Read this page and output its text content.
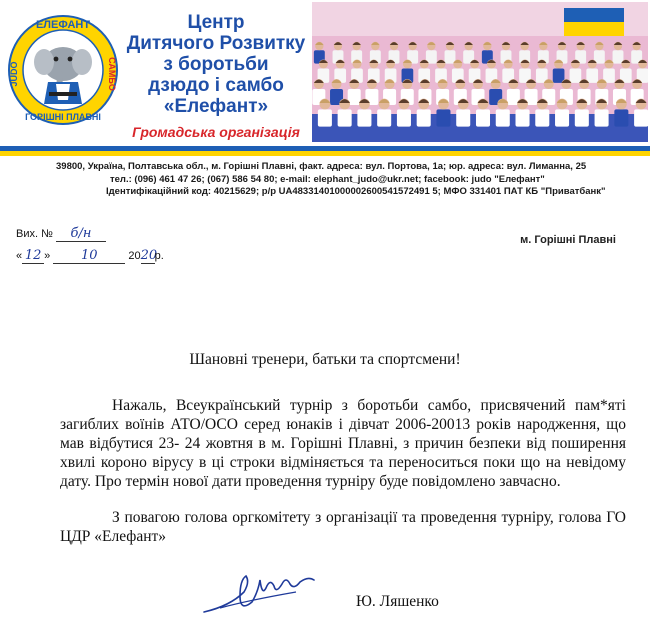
ЕЛЕФАНТ
JUDO	САМБО
ГОРІШНІ ПЛАВНІ
Центр
Дитячого Розвитку
з боротьби
дзюдо і самбо
«Елефант»
Громадська організація
39800, Україна, Полтавська обл., м. Горішні Плавні, факт. адреса: вул. Портова, 1а; юр. адреса: вул. Лиманна, 25
тел.: (096) 461 47 26; (067) 586 54 80; e-mail: elephant_judo@ukr.net; facebook: judo "Елефант"
Ідентифікаційний код: 40215629; р/р UA48331401000002600541572491 5; МФО 331401 ПАТ КБ "Приватбанк"
Вих. № б/н
« 12 » 10	2020р.
м. Горішні Плавні
Шановні тренери, батьки та спортсмени!

Нажаль, Всеукраїнський турнір з боротьби самбо, присвячений пам*яті загиблих воїнів АТО/ОСО серед юнаків і дівчат 2006-20013 років народження, що мав відбутися 23- 24 жовтня в м. Горішні Плавні, з причин безпеки від поширення хвилі короно вірусу в ці строки відміняється та переноситься поки що на невідому дату. Про термін нової дати проведення турніру буде повідомлено завчасно.

З повагою голова оргкомітету з організації та проведення турніру, голова ГО ЦДР «Елефант»

Ю. Ляшенко
